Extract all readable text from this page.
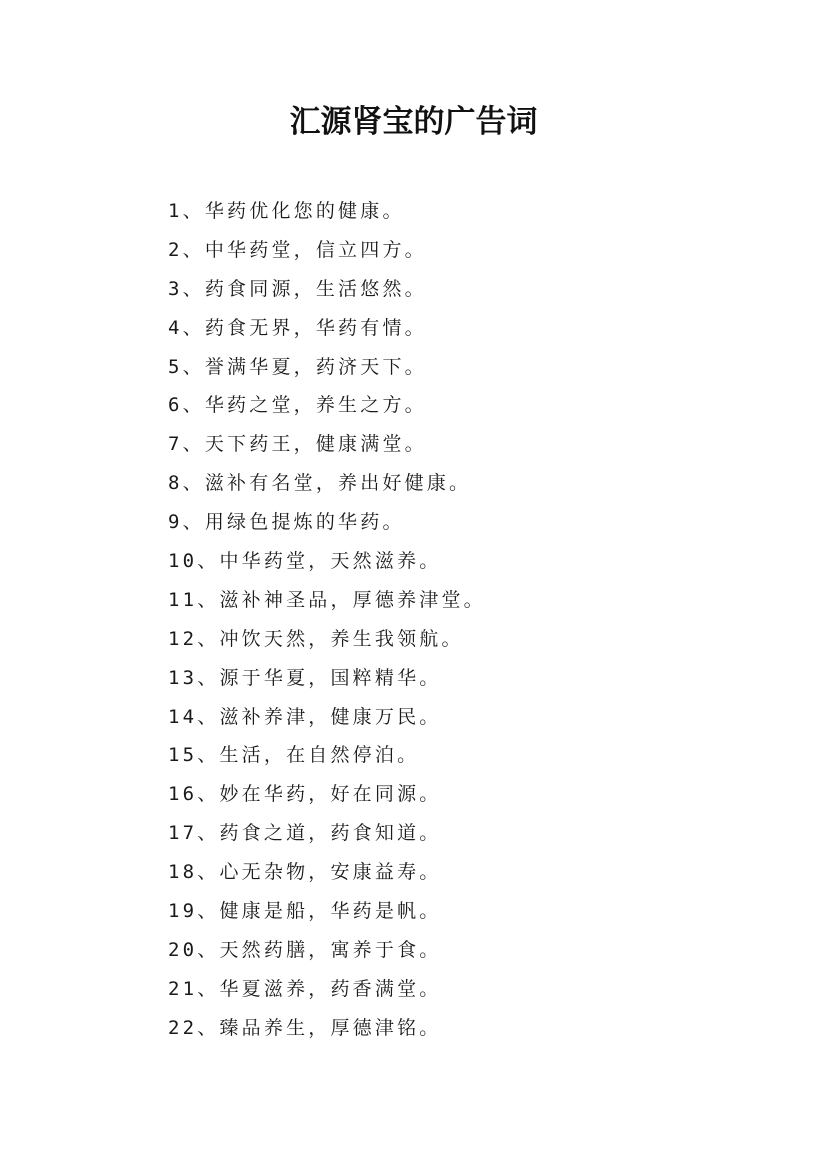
汇源肾宝的广告词
1、华药优化您的健康。
2、中华药堂，信立四方。
3、药食同源，生活悠然。
4、药食无界，华药有情。
5、誉满华夏，药济天下。
6、华药之堂，养生之方。
7、天下药王，健康满堂。
8、滋补有名堂，养出好健康。
9、用绿色提炼的华药。
10、中华药堂，天然滋养。
11、滋补神圣品，厚德养津堂。
12、冲饮天然，养生我领航。
13、源于华夏，国粹精华。
14、滋补养津，健康万民。
15、生活，在自然停泊。
16、妙在华药，好在同源。
17、药食之道，药食知道。
18、心无杂物，安康益寿。
19、健康是船，华药是帆。
20、天然药膳，寓养于食。
21、华夏滋养，药香满堂。
22、臻品养生，厚德津铭。
